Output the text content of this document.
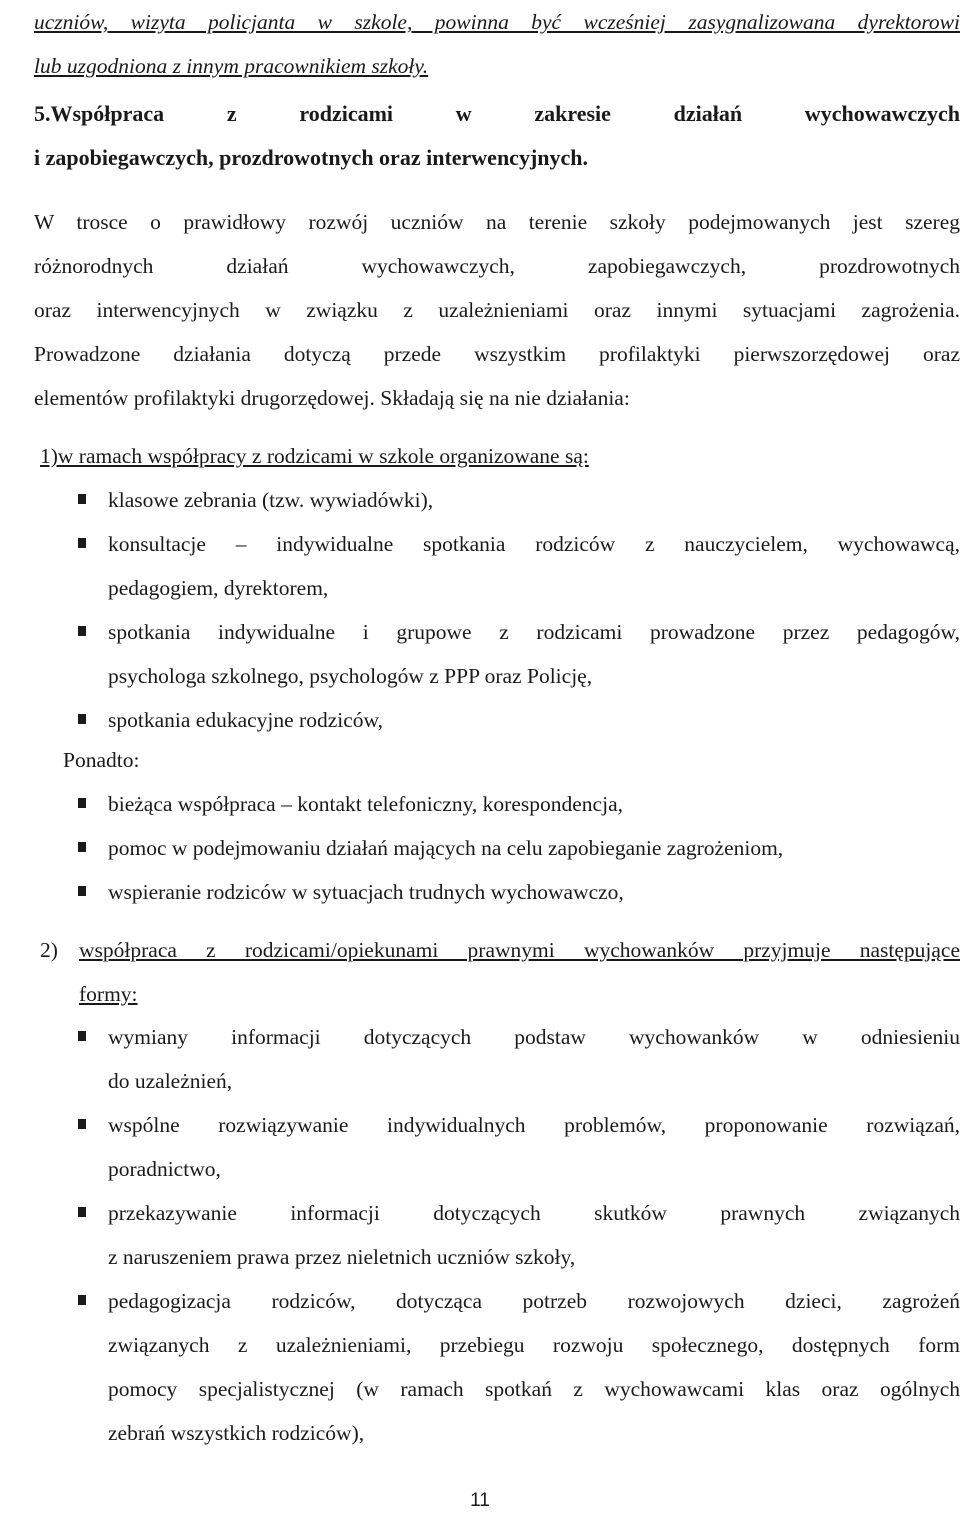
uczniów, wizyta policjanta w szkole, powinna być wcześniej zasygnalizowana dyrektorowi
lub uzgodniona z innym pracownikiem szkoły.
5.Współpraca z rodzicami w zakresie działań wychowawczych
i zapobiegawczych, prozdrowotnych oraz interwencyjnych.
W trosce o prawidłowy rozwój uczniów na terenie szkoły podejmowanych jest szereg
różnorodnych działań wychowawczych, zapobiegawczych, prozdrowotnych
oraz interwencyjnych w związku z uzależnieniami oraz innymi sytuacjami zagrożenia.
Prowadzone działania dotyczą przede wszystkim profilaktyki pierwszorzędowej oraz
elementów profilaktyki drugorzędowej. Składają się na nie działania:
1)w ramach współpracy z rodzicami w szkole organizowane są:
klasowe zebrania (tzw. wywiadówki),
konsultacje – indywidualne spotkania rodziców z nauczycielem, wychowawcą,
pedagogiem, dyrektorem,
spotkania indywidualne i grupowe z rodzicami prowadzone przez pedagogów,
psychologa szkolnego, psychologów z PPP oraz Policję,
spotkania edukacyjne rodziców,
Ponadto:
bieżąca współpraca – kontakt telefoniczny, korespondencja,
pomoc w podejmowaniu działań mających na celu zapobieganie zagrożeniom,
wspieranie rodziców w sytuacjach trudnych wychowawczo,
2) współpraca z rodzicami/opiekunami prawnymi wychowanków przyjmuje następujące
formy:
wymiany informacji dotyczących podstaw wychowanków w odniesieniu
do uzależnień,
wspólne rozwiązywanie indywidualnych problemów, proponowanie rozwiązań,
poradnictwo,
przekazywanie informacji dotyczących skutków prawnych związanych
z naruszeniem prawa przez nieletnich uczniów szkoły,
pedagogizacja rodziców, dotycząca potrzeb rozwojowych dzieci, zagrożeń
związanych z uzależnieniami, przebiegu rozwoju społecznego, dostępnych form
pomocy specjalistycznej (w ramach spotkań z wychowawcami klas oraz ogólnych
zebrań wszystkich rodziców),
11
